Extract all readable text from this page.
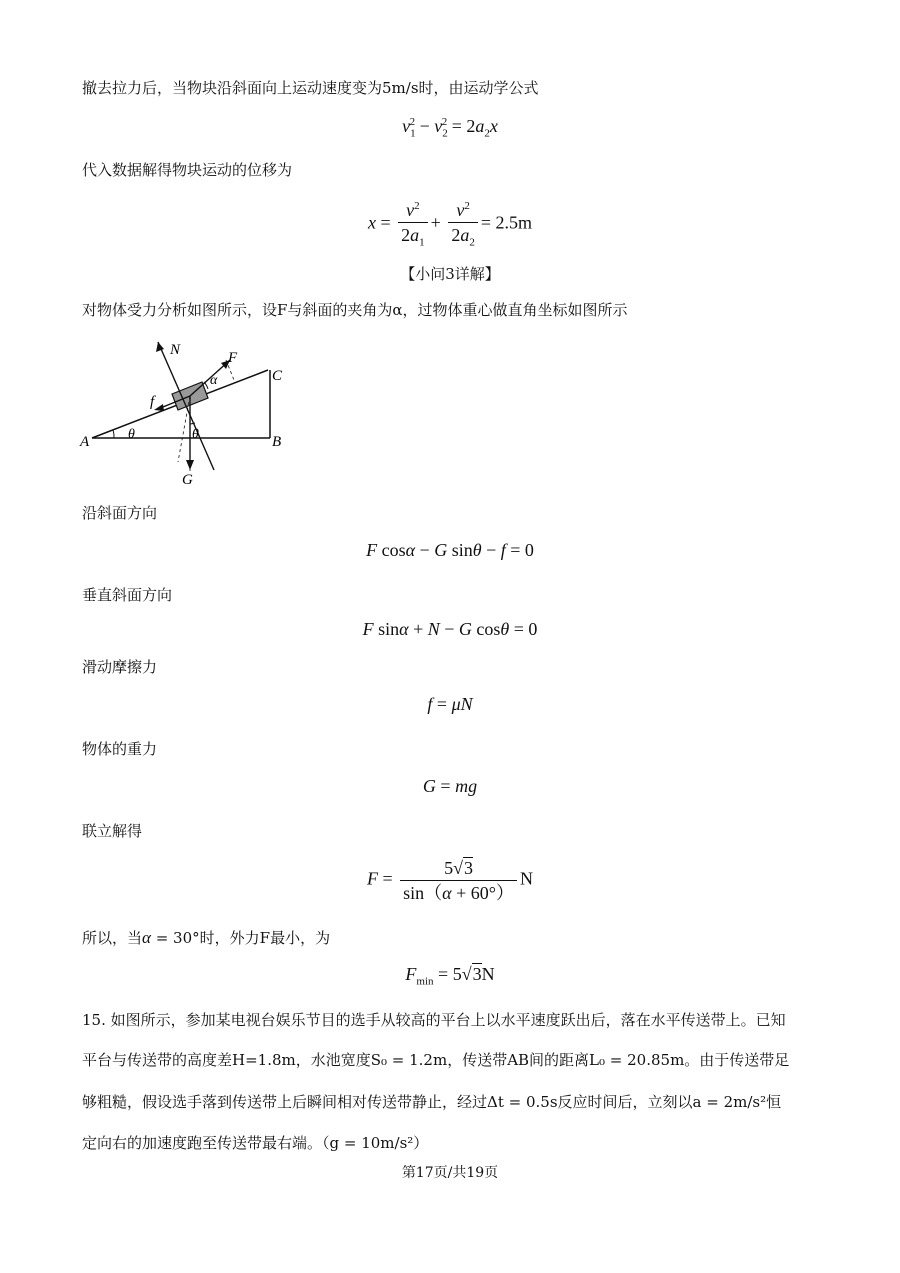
撤去拉力后，当物块沿斜面向上运动速度变为5m/s时，由运动学公式
$v_1^2 - v_2^2 = 2a_2x$
代入数据解得物块运动的位移为
$x = \frac{v^2}{2a_1} + \frac{v^2}{2a_2} = 2.5m$
【小问3详解】
对物体受力分析如图所示，设F与斜面的夹角为α，过物体重心做直角坐标如图所示
N	F
α	C
f
A	θ	θ	B
G
沿斜面方向
F cosα − G sinθ − f = 0
垂直斜面方向
F sinα + N − G cosθ = 0
滑动摩擦力
f = μN
物体的重力
G = mg
联立解得
$F = \frac{5√3}{\sin(\alpha + 60^\circ)}$ N
所以，当α = 30°时，外力F最小，为
$F_{min} = 5√3N$
15. 如图所示，参加某电视台娱乐节目的选手从较高的平台上以水平速度跃出后，落在水平传送带上。已知
平台与传送带的高度差H=1.8m，水池宽度S₀ = 1.2m，传送带AB间的距离L₀ = 20.85m。由于传送带足
够粗糙，假设选手落到传送带上后瞬间相对传送带静止，经过Δt = 0.5s反应时间后，立刻以a = 2m/s²恒
定向右的加速度跑至传送带最右端。（g = 10m/s²）
第17页/共19页
